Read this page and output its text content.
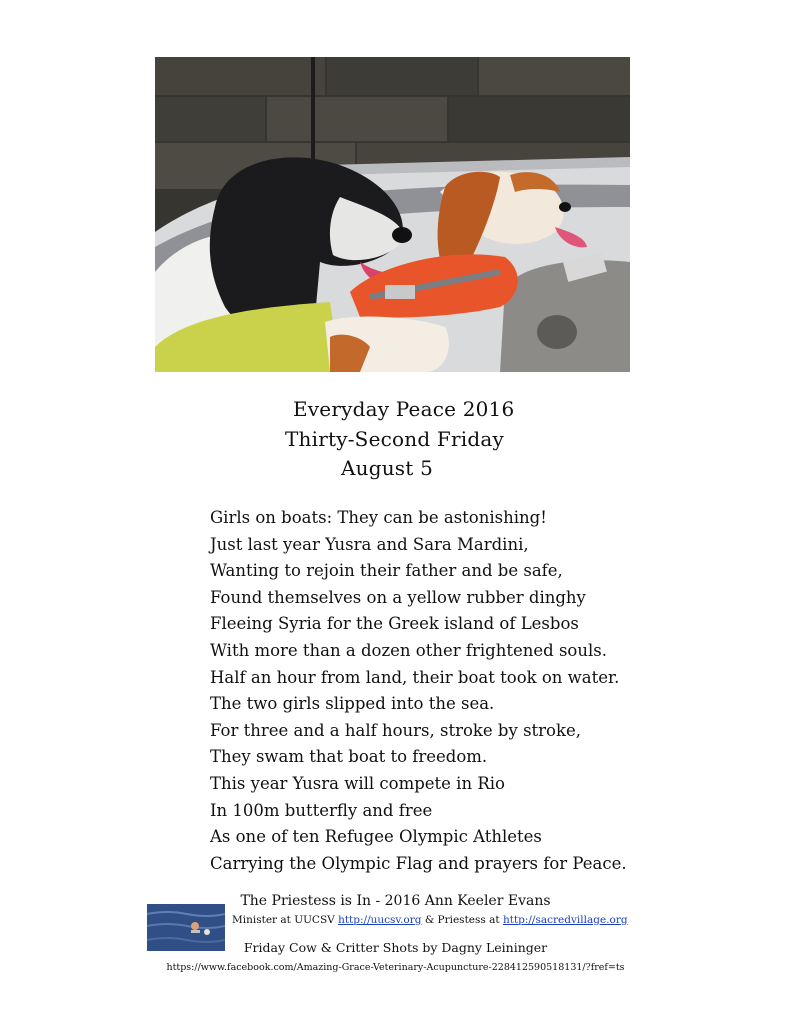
Everyday Peace 2016
Thirty-Second Friday
August 5
Girls on boats: They can be astonishing!
Just last year Yusra and Sara Mardini,
Wanting to rejoin their father and be safe,
Found themselves on a yellow rubber dinghy
Fleeing Syria for the Greek island of Lesbos
With more than a dozen other frightened souls.
Half an hour from land, their boat took on water.
The two girls slipped into the sea.
For three and a half hours, stroke by stroke,
They swam that boat to freedom.
This year Yusra will compete in Rio
In 100m butterfly and free
As one of ten Refugee Olympic Athletes
Carrying the Olympic Flag and prayers for Peace.
The Priestess is In - 2016 Ann Keeler Evans
Minister at UUCSV http://uucsv.org & Priestess at http://sacredvillage.org
Friday Cow & Critter Shots by Dagny Leininger
https://www.facebook.com/Amazing-Grace-Veterinary-Acupuncture-228412590518131/?fref=ts
